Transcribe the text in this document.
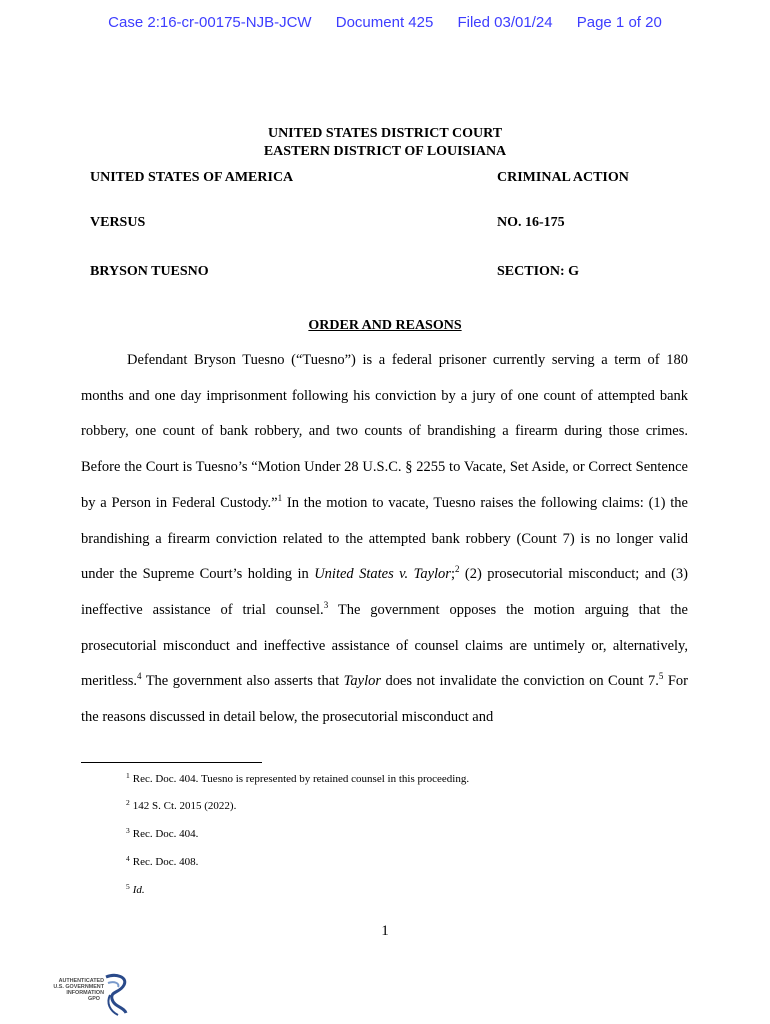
Case 2:16-cr-00175-NJB-JCW Document 425 Filed 03/01/24 Page 1 of 20
UNITED STATES DISTRICT COURT
EASTERN DISTRICT OF LOUISIANA
UNITED STATES OF AMERICA
VERSUS
BRYSON TUESNO
CRIMINAL ACTION
NO. 16-175
SECTION: G
ORDER AND REASONS
Defendant Bryson Tuesno (“Tuesno”) is a federal prisoner currently serving a term of 180 months and one day imprisonment following his conviction by a jury of one count of attempted bank robbery, one count of bank robbery, and two counts of brandishing a firearm during those crimes. Before the Court is Tuesno’s “Motion Under 28 U.S.C. § 2255 to Vacate, Set Aside, or Correct Sentence by a Person in Federal Custody.”$^1$ In the motion to vacate, Tuesno raises the following claims: (1) the brandishing a firearm conviction related to the attempted bank robbery (Count 7) is no longer valid under the Supreme Court’s holding in United States v. Taylor;$^2$ (2) prosecutorial misconduct; and (3) ineffective assistance of trial counsel.$^3$ The government opposes the motion arguing that the prosecutorial misconduct and ineffective assistance of counsel claims are untimely or, alternatively, meritless.$^4$ The government also asserts that Taylor does not invalidate the conviction on Count 7.$^5$ For the reasons discussed in detail below, the prosecutorial misconduct and
$^1$ Rec. Doc. 404. Tuesno is represented by retained counsel in this proceeding.
$^2$ 142 S. Ct. 2015 (2022).
$^3$ Rec. Doc. 404.
$^4$ Rec. Doc. 408.
$^5$ Id.
1
AUTHENTICATED
U.S. GOVERNMENT
INFORMATION
GPO
